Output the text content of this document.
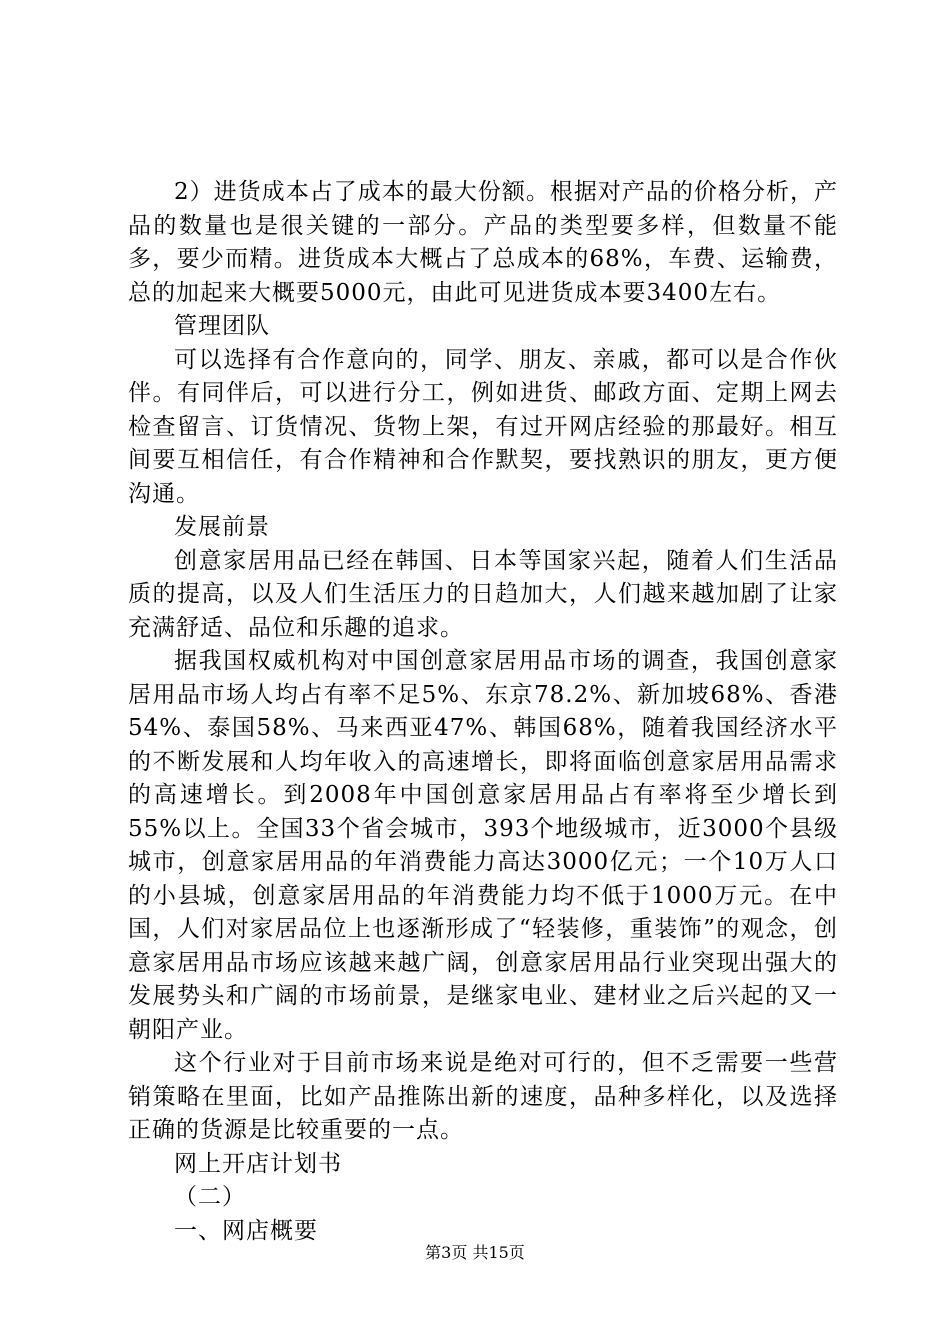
2）进货成本占了成本的最大份额。根据对产品的价格分析，产品的数量也是很关键的一部分。产品的类型要多样，但数量不能多，要少而精。进货成本大概占了总成本的68%，车费、运输费，总的加起来大概要5000元，由此可见进货成本要3400左右。

管理团队

可以选择有合作意向的，同学、朋友、亲戚，都可以是合作伙伴。有同伴后，可以进行分工，例如进货、邮政方面、定期上网去检查留言、订货情况、货物上架，有过开网店经验的那最好。相互间要互相信任，有合作精神和合作默契，要找熟识的朋友，更方便沟通。

发展前景

创意家居用品已经在韩国、日本等国家兴起，随着人们生活品质的提高，以及人们生活压力的日趋加大，人们越来越加剧了让家充满舒适、品位和乐趣的追求。

据我国权威机构对中国创意家居用品市场的调查，我国创意家居用品市场人均占有率不足5%、东京78.2%、新加坡68%、香港54%、泰国58%、马来西亚47%、韩国68%，随着我国经济水平的不断发展和人均年收入的高速增长，即将面临创意家居用品需求的高速增长。到2008年中国创意家居用品占有率将至少增长到55%以上。全国33个省会城市，393个地级城市，近3000个县级城市，创意家居用品的年消费能力高达3000亿元；一个10万人口的小县城，创意家居用品的年消费能力均不低于1000万元。在中国，人们对家居品位上也逐渐形成了“轻装修，重装饰”的观念，创意家居用品市场应该越来越广阔，创意家居用品行业突现出强大的发展势头和广阔的市场前景，是继家电业、建材业之后兴起的又一朝阳产业。

这个行业对于目前市场来说是绝对可行的，但不乏需要一些营销策略在里面，比如产品推陈出新的速度，品种多样化，以及选择正确的货源是比较重要的一点。

网上开店计划书

（二）

一、网店概要

第3页 共15页
